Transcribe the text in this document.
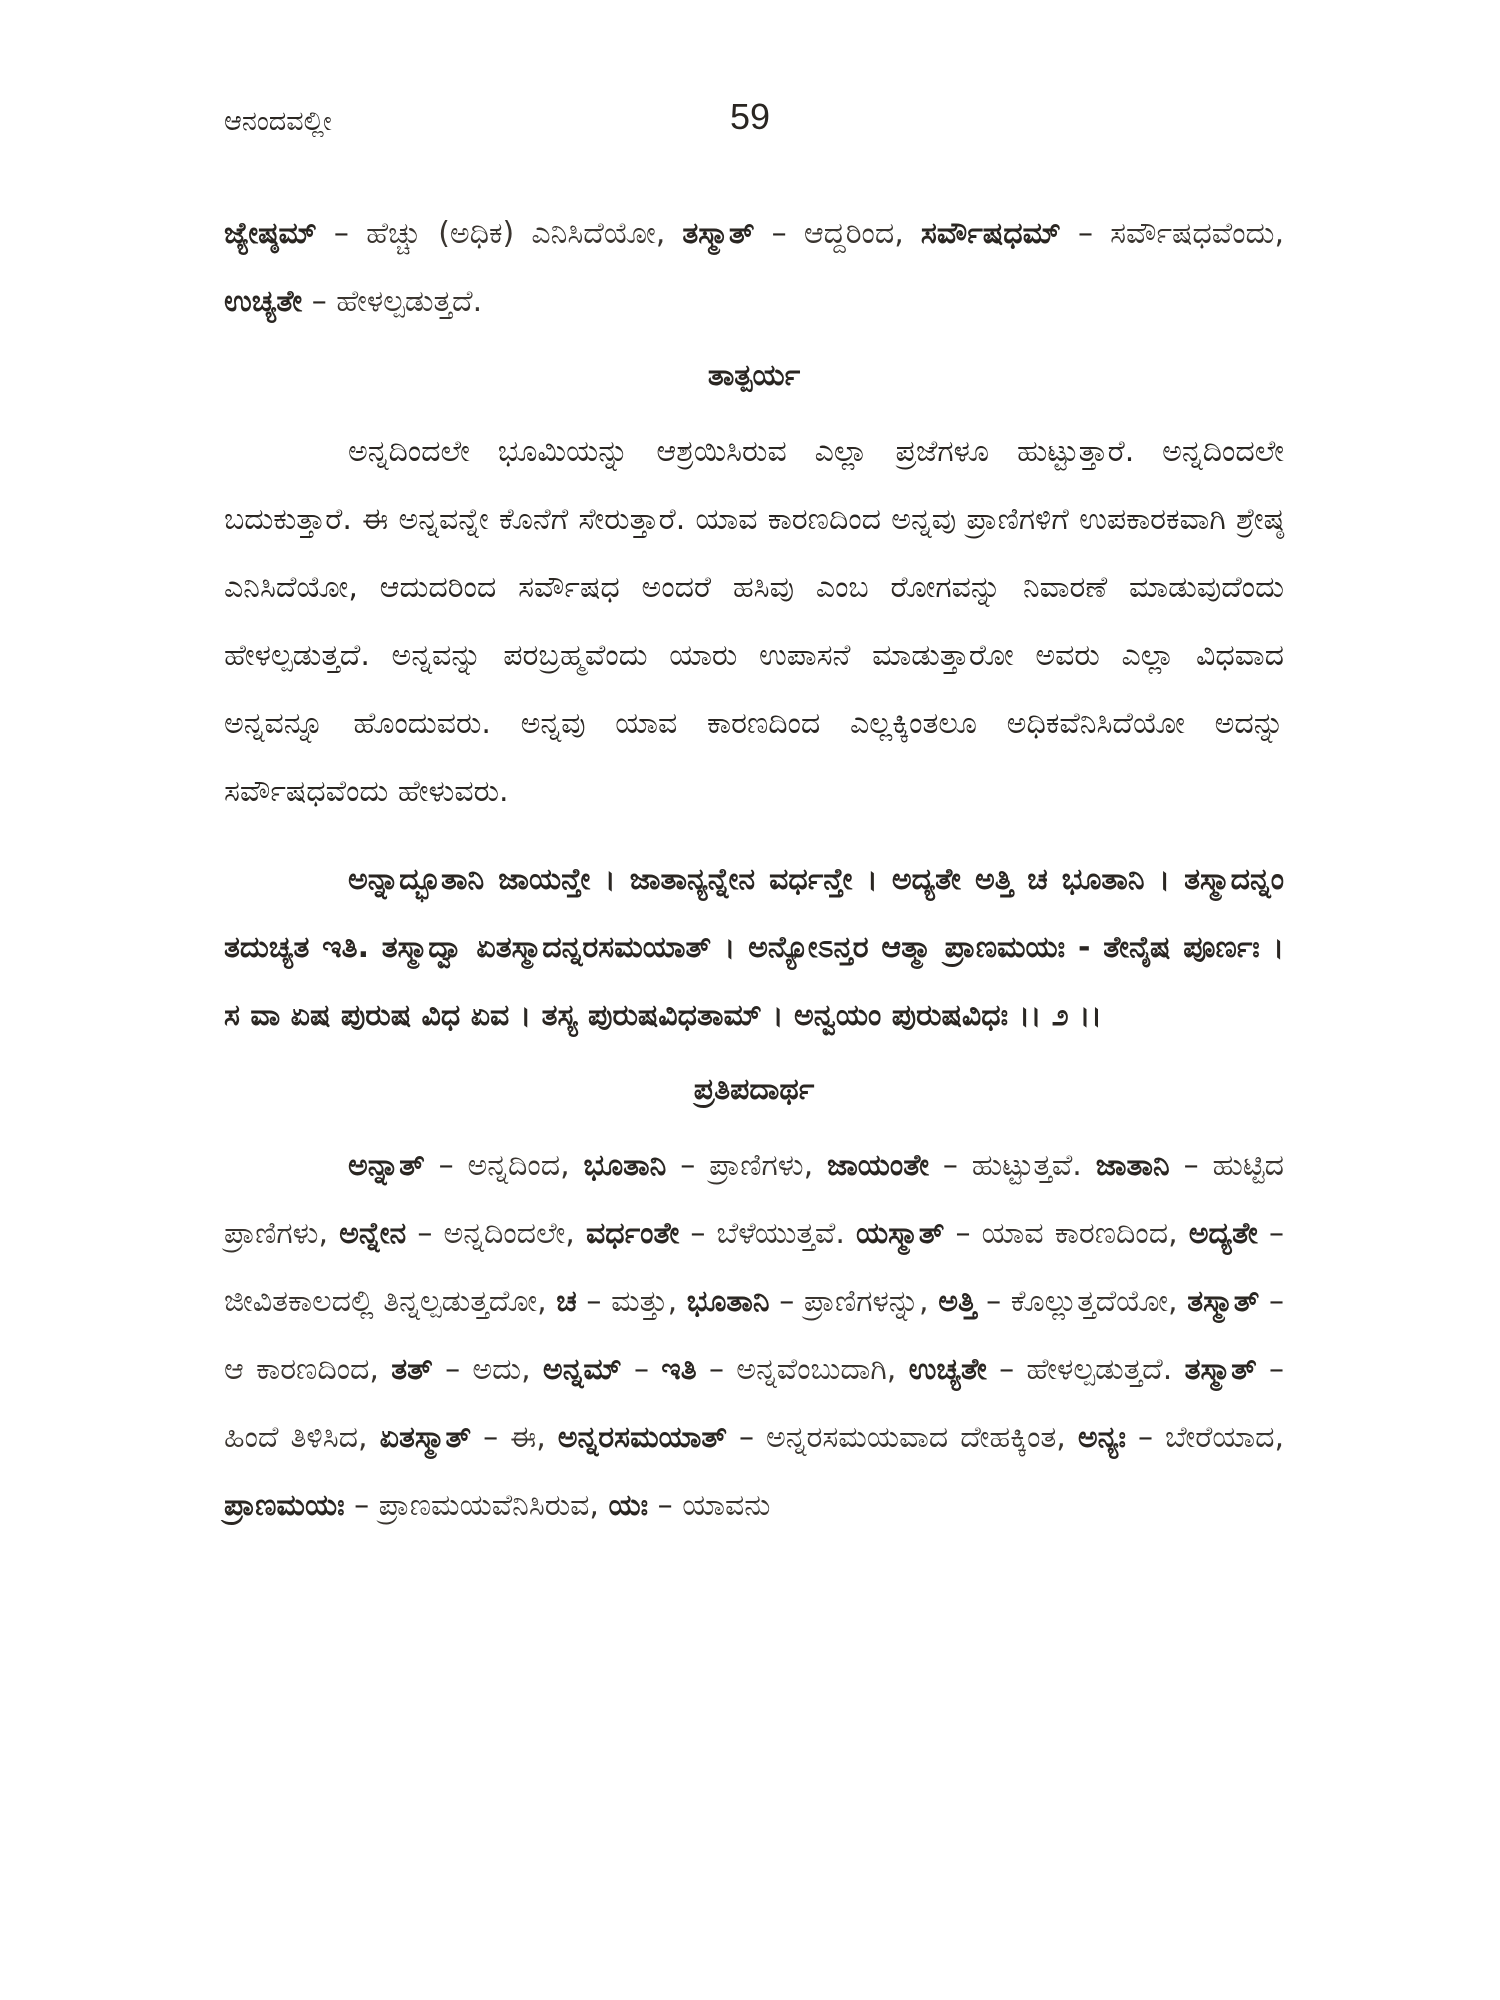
ಆನಂದವಲ್ಲೀ	59

ಜ್ಯೇಷ್ಠಮ್ – ಹೆಚ್ಚು (ಅಧಿಕ) ಎನಿಸಿದೆಯೋ, ತಸ್ಮಾತ್ – ಆದ್ದರಿಂದ, ಸರ್ವೌಷಧಮ್ – ಸರ್ವೌಷಧವೆಂದು, ಉಚ್ಯತೇ – ಹೇಳಲ್ಪಡುತ್ತದೆ.

ತಾತ್ಪರ್ಯ

ಅನ್ನದಿಂದಲೇ ಭೂಮಿಯನ್ನು ಆಶ್ರಯಿಸಿರುವ ಎಲ್ಲಾ ಪ್ರಜೆಗಳೂ ಹುಟ್ಟುತ್ತಾರೆ. ಅನ್ನದಿಂದಲೇ ಬದುಕುತ್ತಾರೆ. ಈ ಅನ್ನವನ್ನೇ ಕೊನೆಗೆ ಸೇರುತ್ತಾರೆ. ಯಾವ ಕಾರಣದಿಂದ ಅನ್ನವು ಪ್ರಾಣಿಗಳಿಗೆ ಉಪಕಾರಕವಾಗಿ ಶ್ರೇಷ್ಠ ಎನಿಸಿದೆಯೋ, ಆದುದರಿಂದ ಸರ್ವೌಷಧ ಅಂದರೆ ಹಸಿವು ಎಂಬ ರೋಗವನ್ನು ನಿವಾರಣೆ ಮಾಡುವುದೆಂದು ಹೇಳಲ್ಪಡುತ್ತದೆ. ಅನ್ನವನ್ನು ಪರಬ್ರಹ್ಮವೆಂದು ಯಾರು ಉಪಾಸನೆ ಮಾಡುತ್ತಾರೋ ಅವರು ಎಲ್ಲಾ ವಿಧವಾದ ಅನ್ನವನ್ನೂ ಹೊಂದುವರು. ಅನ್ನವು ಯಾವ ಕಾರಣದಿಂದ ಎಲ್ಲಕ್ಕಿಂತಲೂ ಅಧಿಕವೆನಿಸಿದೆಯೋ ಅದನ್ನು ಸರ್ವೌಷಧವೆಂದು ಹೇಳುವರು.

ಅನ್ನಾದ್ಭೂತಾನಿ ಜಾಯನ್ತೇ । ಜಾತಾನ್ಯನ್ನೇನ ವರ್ಧನ್ತೇ । ಅದ್ಯತೇ ಅತ್ತಿ ಚ ಭೂತಾನಿ । ತಸ್ಮಾದನ್ನಂ ತದುಚ್ಯತ ಇತಿ. ತಸ್ಮಾದ್ವಾ ಏತಸ್ಮಾದನ್ನರಸಮಯಾತ್ । ಅನ್ಯೋಽನ್ತರ ಆತ್ಮಾ ಪ್ರಾಣಮಯಃ - ತೇನೈಷ ಪೂರ್ಣಃ । ಸ ವಾ ಏಷ ಪುರುಷ ವಿಧ ಏವ । ತಸ್ಯ ಪುರುಷವಿಧತಾಮ್ । ಅನ್ವಯಂ ಪುರುಷವಿಧಃ ।। ೨ ।।

ಪ್ರತಿಪದಾರ್ಥ

ಅನ್ನಾತ್ – ಅನ್ನದಿಂದ, ಭೂತಾನಿ – ಪ್ರಾಣಿಗಳು, ಜಾಯಂತೇ – ಹುಟ್ಟುತ್ತವೆ. ಜಾತಾನಿ – ಹುಟ್ಟಿದ ಪ್ರಾಣಿಗಳು, ಅನ್ನೇನ – ಅನ್ನದಿಂದಲೇ, ವರ್ಧಂತೇ – ಬೆಳೆಯುತ್ತವೆ. ಯಸ್ಮಾತ್ – ಯಾವ ಕಾರಣದಿಂದ, ಅದ್ಯತೇ – ಜೀವಿತಕಾಲದಲ್ಲಿ ತಿನ್ನಲ್ಪಡುತ್ತದೋ, ಚ – ಮತ್ತು, ಭೂತಾನಿ – ಪ್ರಾಣಿಗಳನ್ನು, ಅತ್ತಿ – ಕೊಲ್ಲುತ್ತದೆಯೋ, ತಸ್ಮಾತ್ – ಆ ಕಾರಣದಿಂದ, ತತ್ – ಅದು, ಅನ್ನಮ್ – ಇತಿ – ಅನ್ನವೆಂಬುದಾಗಿ, ಉಚ್ಯತೇ – ಹೇಳಲ್ಪಡುತ್ತದೆ. ತಸ್ಮಾತ್ – ಹಿಂದೆ ತಿಳಿಸಿದ, ಏತಸ್ಮಾತ್ – ಈ, ಅನ್ನರಸಮಯಾತ್ – ಅನ್ನರಸಮಯವಾದ ದೇಹಕ್ಕಿಂತ, ಅನ್ಯಃ – ಬೇರೆಯಾದ, ಪ್ರಾಣಮಯಃ – ಪ್ರಾಣಮಯವೆನಿಸಿರುವ, ಯಃ – ಯಾವನು
